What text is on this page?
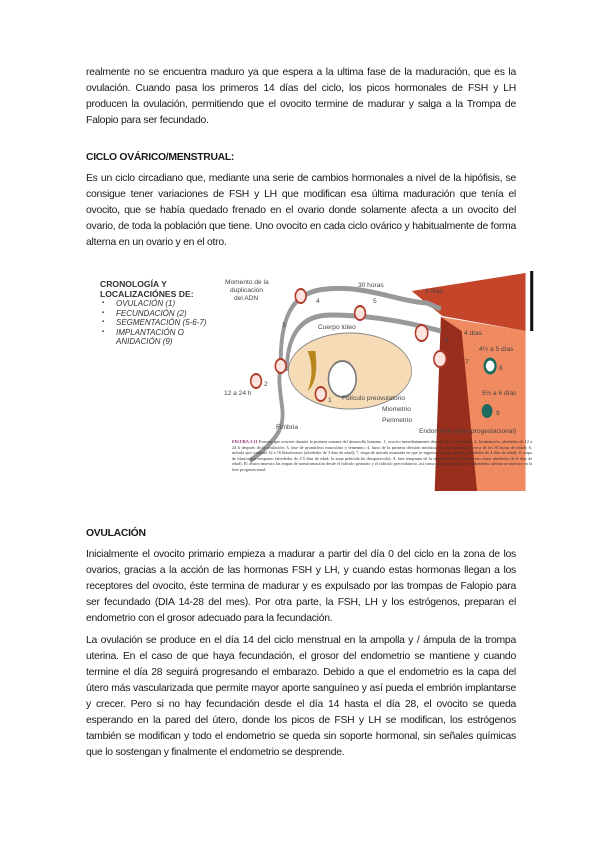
realmente no se encuentra maduro ya que espera a la ultima fase de la maduración, que es la ovulación. Cuando pasa los primeros 14 días del ciclo, los picos hormonales de FSH y LH producen la ovulación, permitiendo que el ovocito termine de madurar y salga a la Trompa de Falopio para ser fecundado.

CICLO OVÁRICO/MENSTRUAL:

Es un ciclo circadiano que, mediante una serie de cambios hormonales a nivel de la hipófisis, se consigue tener variaciones de FSH y LH que modifican esa última maduración que tenía el ovocito, que se había quedado frenado en el ovario donde solamente afecta a un ovocito del ovario, de toda la población que tiene. Uno ovocito en cada ciclo ovárico y habitualmente de forma alterna en un ovario y en el otro.

Momento de la
duplicación
del ADN	4	5
30 horas
3 días
3	Cuerpo lúteo
6
7
4 días
4½ a 5 días
8
2
12 a 24 h
Folículo preovulatorio
1
5½ a 6 días
9
Miometrio
Perimetrio
Fimbria
Endometrio (fase progestacional)
CRONOLOGÍA Y LOCALIZACIÓNES DE:
▪ OVULACIÓN (1)
▪ FECUNDACIÓN (2)
▪ SEGMENTACIÓN (5-6-7)
▪ IMPLANTACIÓN O ANIDACIÓN (9)
FIGURA 3-11 Eventos que ocurren durante la primera semana del desarrollo humano. 1, ovocito inmediatamente después de la ovulación; 2, fecundación, alrededor de 12 a 24 h después de la ovulación; 3, fase de pronúcleos masculino y femenino; 4, huso de la primera división mitótica; 5, etapa bicelular (cerca de las 30 horas de edad); 6, mórula que contiene 12 a 16 blastómeros (alrededor de 3 días de edad); 7, etapa de mórula avanzada en que se ingresa al lumen uterino (alrededor de 4 días de edad); 8, etapa de blastocisto temprano (alrededor de 4.5 días de edad; la zona pelúcida ha desaparecido); 9, fase temprana de la implantación (el blastocisto tiene alrededor de 6 días de edad). El ovario muestra las etapas de transformación desde el folículo primario y el folículo preovulatorio, así como un cuerpo lúteo. El endometrio uterino se muestra en la fase progestacional.
OVULACIÓN

Inicialmente el ovocito primario empieza a madurar a partir del día 0 del ciclo en la zona de los ovarios, gracias a la acción de las hormonas FSH y LH, y cuando estas hormonas llegan a los receptores del ovocito, éste termina de madurar y es expulsado por las trompas de Falopio para ser fecundado (DIA 14-28 del mes). Por otra parte, la FSH, LH y los estrógenos, preparan el endometrio con el grosor adecuado para la fecundación.

La ovulación se produce en el día 14 del ciclo menstrual en la ampolla y / ámpula de la trompa uterina. En el caso de que haya fecundación, el grosor del endometrio se mantiene y cuando termine el día 28 seguirá progresando el embarazo. Debido a que el endometrio es la capa del útero más vascularizada que permite mayor aporte sanguíneo y así pueda el embrión implantarse y crecer. Pero si no hay fecundación desde el día 14 hasta el día 28, el ovocito se queda esperando en la pared del útero, donde los picos de FSH y LH se modifican, los estrógenos también se modifican y todo el endometrio se queda sin soporte hormonal, sin señales químicas que lo sostengan y finalmente el endometrio se desprende.
